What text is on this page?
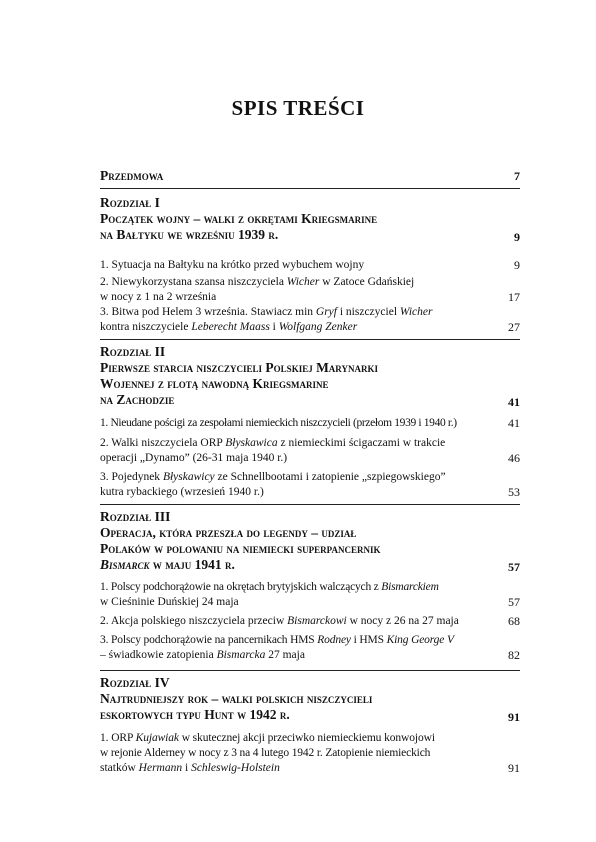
SPIS TREŚCI
Przedmowa	7
Rozdział I
Początek wojny – walki z okrętami Kriegsmarine
na Bałtyku we wrześniu 1939 r.	9
1. Sytuacja na Bałtyku na krótko przed wybuchem wojny	9
2. Niewykorzystana szansa niszczyciela Wicher w Zatoce Gdańskiej
w nocy z 1 na 2 września	17
3. Bitwa pod Helem 3 września. Stawiacz min Gryf i niszczyciel Wicher
kontra niszczyciele Leberecht Maass i Wolfgang Zenker	27
Rozdział II
Pierwsze starcia niszczycieli Polskiej Marynarki
Wojennej z flotą nawodną Kriegsmarine
na Zachodzie	41
1. Nieudane pościgi za zespołami niemieckich niszczycieli (przełom 1939 i 1940 r.)	41
2. Walki niszczyciela ORP Błyskawica z niemieckimi ścigaczami w trakcie
operacji „Dynamo” (26-31 maja 1940 r.)	46
3. Pojedynek Błyskawicy ze Schnellbootami i zatopienie „szpiegowskiego”
kutra rybackiego (wrzesień 1940 r.)	53
Rozdział III
Operacja, która przeszła do legendy – udział
Polaków w polowaniu na niemiecki superpancernik
Bismarck w maju 1941 r.	57
1. Polscy podchorążowie na okrętach brytyjskich walczących z Bismarckiem
w Cieśninie Duńskiej 24 maja	57
2. Akcja polskiego niszczyciela przeciw Bismarckowi w nocy z 26 na 27 maja	68
3. Polscy podchorążowie na pancernikach HMS Rodney i HMS King George V
– świadkowie zatopienia Bismarcka 27 maja	82
Rozdział IV
Najtrudniejszy rok – walki polskich niszczycieli
eskortowych typu Hunt w 1942 r.	91
1. ORP Kujawiak w skutecznej akcji przeciwko niemieckiemu konwojowi
w rejonie Alderney w nocy z 3 na 4 lutego 1942 r. Zatopienie niemieckich
statków Hermann i Schleswig-Holstein	91
